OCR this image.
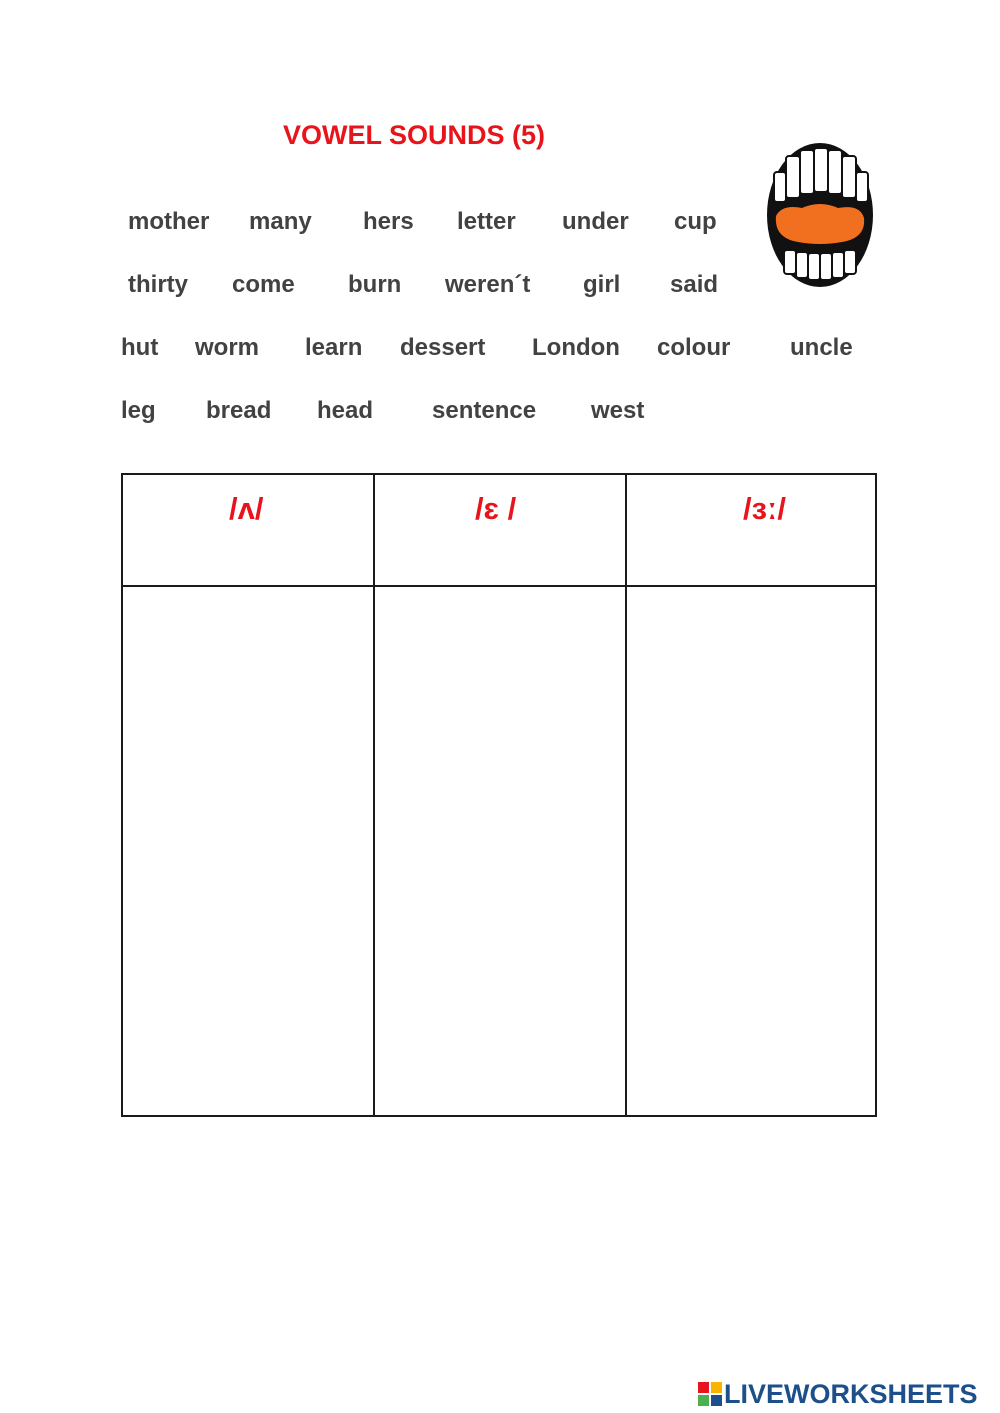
VOWEL SOUNDS (5)
mother many hers letter under cup
thirty come burn weren´t girl said
hut worm learn dessert London colour uncle
leg bread head sentence west
/ʌ/	/ɛ /	/ɜː/
LIVEWORKSHEETS
